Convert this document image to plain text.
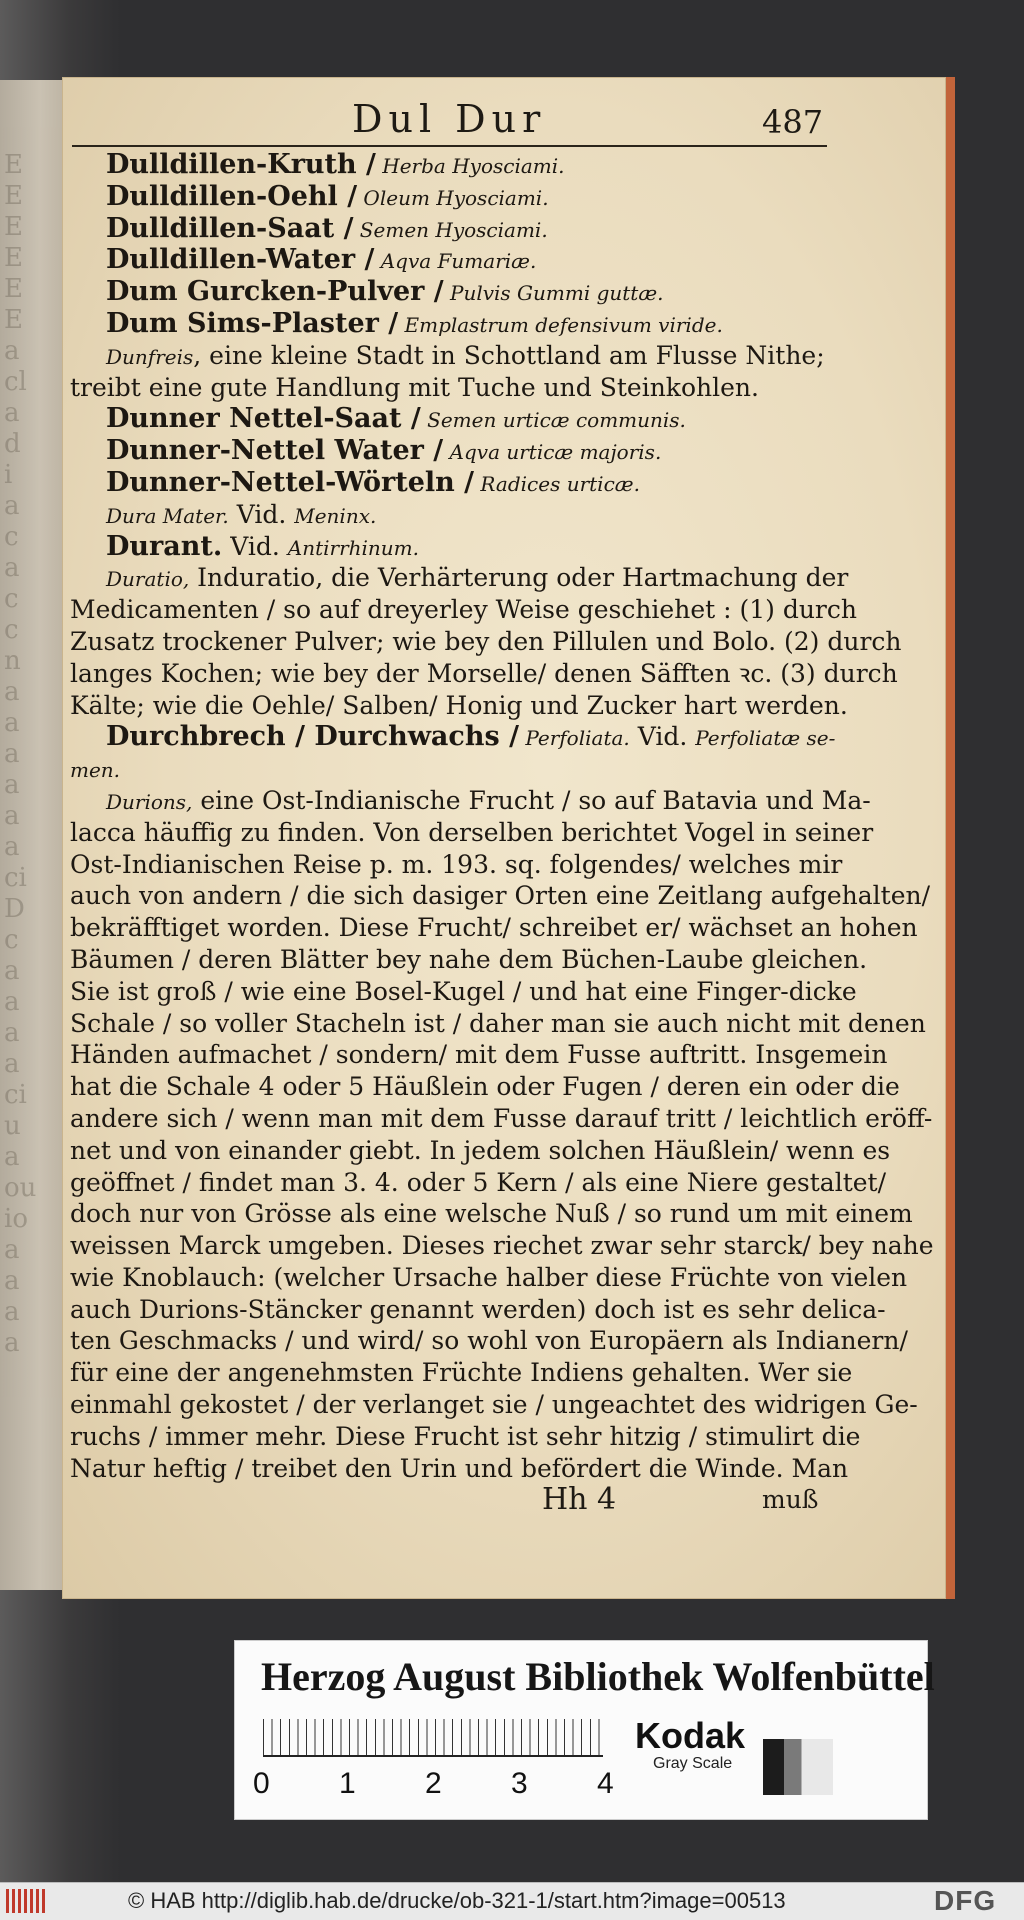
E
E
E
E
E
E
a
cl
a
d
i
a
c
a
c
c
n
a
a
a
a
a
a
ci
D
c
a
a
a
a
ci
u
a
ou
io
a
a
a
a
Dul Dur	487
Dulldillen-Kruth / Herba Hyosciami.
Dulldillen-Oehl / Oleum Hyosciami.
Dulldillen-Saat / Semen Hyosciami.
Dulldillen-Water / Aqva Fumariæ.
Dum Gurcken-Pulver / Pulvis Gummi guttæ.
Dum Sims-Plaster / Emplastrum defensivum viride.
Dunfreis, eine kleine Stadt in Schottland am Flusse Nithe;
treibt eine gute Handlung mit Tuche und Steinkohlen.
Dunner Nettel-Saat / Semen urticæ communis.
Dunner-Nettel Water / Aqva urticæ majoris.
Dunner-Nettel-Wörteln / Radices urticæ.
Dura Mater. Vid. Meninx.
Durant. Vid. Antirrhinum.
Duratio, Induratio, die Verhärterung oder Hartmachung der
Medicamenten / so auf dreyerley Weise geschiehet : (1) durch
Zusatz trockener Pulver; wie bey den Pillulen und Bolo. (2) durch
langes Kochen; wie bey der Morselle/ denen Säfften ꝛc. (3) durch
Kälte; wie die Oehle/ Salben/ Honig und Zucker hart werden.
Durchbrech / Durchwachs / Perfoliata. Vid. Perfoliatæ se-
men.
Durions, eine Ost-Indianische Frucht / so auf Batavia und Ma-
lacca häuffig zu finden. Von derselben berichtet Vogel in seiner
Ost-Indianischen Reise p. m. 193. sq. folgendes/ welches mir
auch von andern / die sich dasiger Orten eine Zeitlang aufgehalten/
bekräfftiget worden. Diese Frucht/ schreibet er/ wächset an hohen
Bäumen / deren Blätter bey nahe dem Büchen-Laube gleichen.
Sie ist groß / wie eine Bosel-Kugel / und hat eine Finger-dicke
Schale / so voller Stacheln ist / daher man sie auch nicht mit denen
Händen aufmachet / sondern/ mit dem Fusse auftritt. Insgemein
hat die Schale 4 oder 5 Häußlein oder Fugen / deren ein oder die
andere sich / wenn man mit dem Fusse darauf tritt / leichtlich eröff-
net und von einander giebt. In jedem solchen Häußlein/ wenn es
geöffnet / findet man 3. 4. oder 5 Kern / als eine Niere gestaltet/
doch nur von Grösse als eine welsche Nuß / so rund um mit einem
weissen Marck umgeben. Dieses riechet zwar sehr starck/ bey nahe
wie Knoblauch: (welcher Ursache halber diese Früchte von vielen
auch Durions-Stäncker genannt werden) doch ist es sehr delica-
ten Geschmacks / und wird/ so wohl von Europäern als Indianern/
für eine der angenehmsten Früchte Indiens gehalten. Wer sie
einmahl gekostet / der verlanget sie / ungeachtet des widrigen Ge-
ruchs / immer mehr. Diese Frucht ist sehr hitzig / stimulirt die
Natur heftig / treibet den Urin und befördert die Winde. Man
Hh 4	muß
Herzog August Bibliothek Wolfenbüttel
0 1 2 3 4
Kodak
Gray Scale
© HAB http://diglib.hab.de/drucke/ob-321-1/start.htm?image=00513	DFG
